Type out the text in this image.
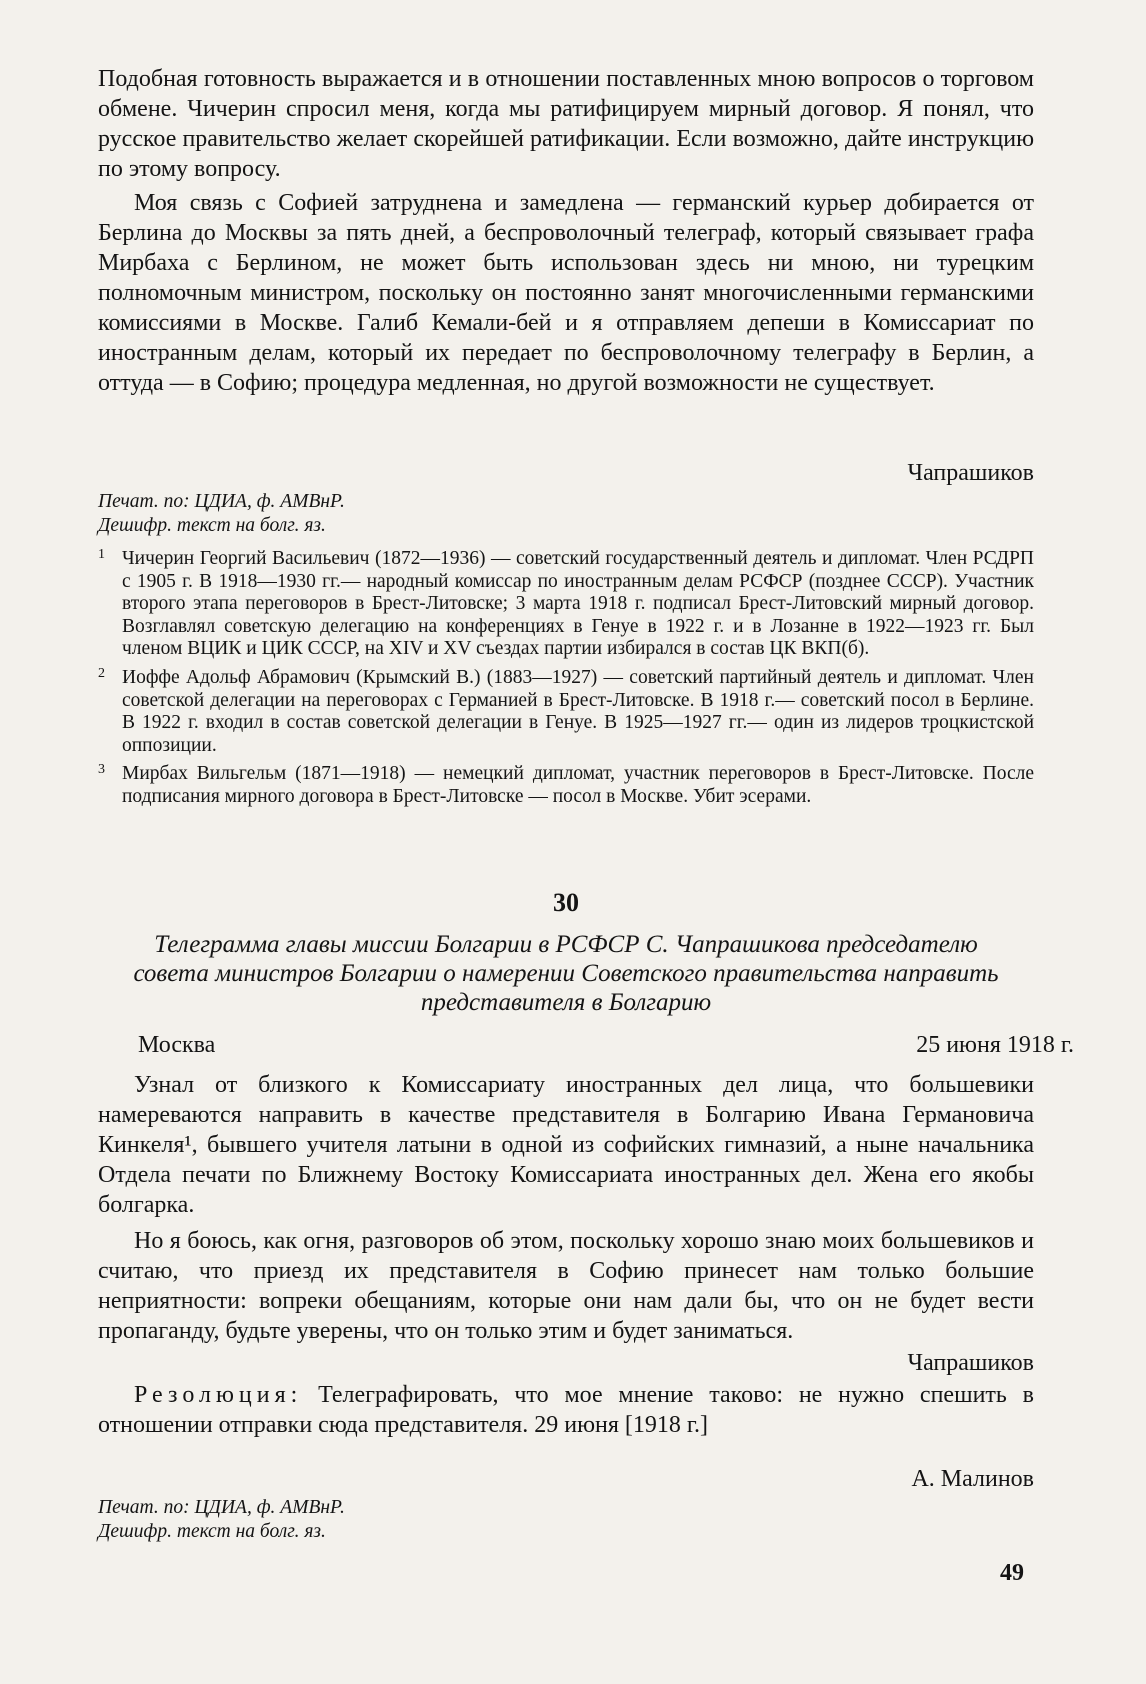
Подобная готовность выражается и в отношении поставленных мною вопросов о торговом обмене. Чичерин спросил меня, когда мы ратифицируем мирный договор. Я понял, что русское правительство желает скорейшей ратификации. Если возможно, дайте инструкцию по этому вопросу.

Моя связь с Софией затруднена и замедлена — германский курьер добирается от Берлина до Москвы за пять дней, а беспроволочный телеграф, который связывает графа Мирбаха с Берлином, не может быть использован здесь ни мною, ни турецким полномочным министром, поскольку он постоянно занят многочисленными германскими комиссиями в Москве. Галиб Кемали-бей и я отправляем депеши в Комиссариат по иностранным делам, который их передает по беспроволочному телеграфу в Берлин, а оттуда — в Софию; процедура медленная, но другой возможности не существует.

Чапрашиков
Печат. по: ЦДИА, ф. АМВнР.
Дешифр. текст на болг. яз.

1 Чичерин Георгий Васильевич (1872—1936) — советский государственный деятель и дипломат. Член РСДРП с 1905 г. В 1918—1930 гг.— народный комиссар по иностранным делам РСФСР (позднее СССР). Участник второго этапа переговоров в Брест-Литовске; 3 марта 1918 г. подписал Брест-Литовский мирный договор. Возглавлял советскую делегацию на конференциях в Генуе в 1922 г. и в Лозанне в 1922—1923 гг. Был членом ВЦИК и ЦИК СССР, на XIV и XV съездах партии избирался в состав ЦК ВКП(б).

2 Иоффе Адольф Абрамович (Крымский В.) (1883—1927) — советский партийный деятель и дипломат. Член советской делегации на переговорах с Германией в Брест-Литовске. В 1918 г.— советский посол в Берлине. В 1922 г. входил в состав советской делегации в Генуе. В 1925—1927 гг.— один из лидеров троцкистской оппозиции.

3 Мирбах Вильгельм (1871—1918) — немецкий дипломат, участник переговоров в Брест-Литовске. После подписания мирного договора в Брест-Литовске — посол в Москве. Убит эсерами.

30
Телеграмма главы миссии Болгарии в РСФСР С. Чапрашикова председателю совета министров Болгарии о намерении Советского правительства направить представителя в Болгарию
Москва	25 июня 1918 г.

Узнал от близкого к Комиссариату иностранных дел лица, что большевики намереваются направить в качестве представителя в Болгарию Ивана Германовича Кинкеля¹, бывшего учителя латыни в одной из софийских гимназий, а ныне начальника Отдела печати по Ближнему Востоку Комиссариата иностранных дел. Жена его якобы болгарка.

Но я боюсь, как огня, разговоров об этом, поскольку хорошо знаю моих большевиков и считаю, что приезд их представителя в Софию принесет нам только большие неприятности: вопреки обещаниям, которые они нам дали бы, что он не будет вести пропаганду, будьте уверены, что он только этим и будет заниматься.

Чапрашиков

Резолюция: Телеграфировать, что мое мнение таково: не нужно спешить в отношении отправки сюда представителя. 29 июня [1918 г.]

А. Малинов
Печат. по: ЦДИА, ф. АМВнР.
Дешифр. текст на болг. яз.
49
